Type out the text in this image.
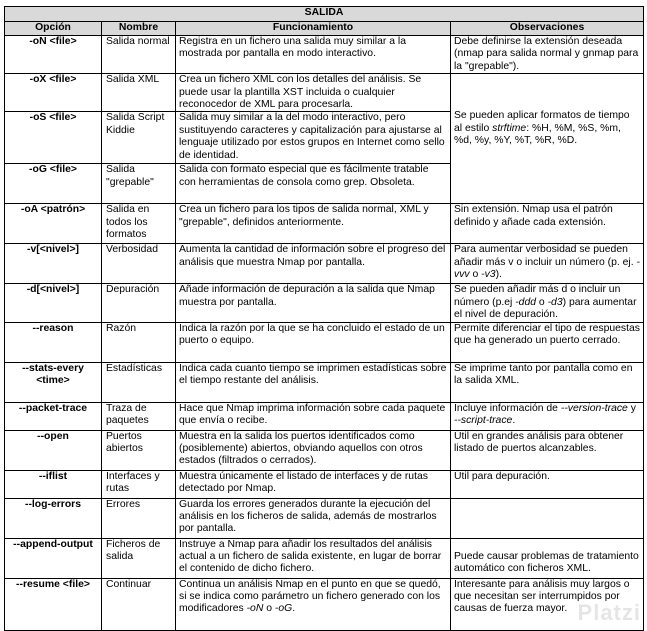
SALIDA			
Opción	Nombre	Funcionamiento	Observaciones
-oN <file>	Salida normal	Registra en un fichero una salida muy similar a la mostrada por pantalla en modo interactivo.	Debe definirse la extensión deseada (nmap para salida normal y gnmap para la "grepable").
-oX <file>	Salida XML	Crea un fichero XML con los detalles del análisis. Se puede usar la plantilla XST incluida o cualquier reconocedor de XML para procesarla.	Se pueden aplicar formatos de tiempo al estilo strftime: %H, %M, %S, %m, %d, %y, %Y, %T, %R, %D.
-oS <file>	Salida Script Kiddie	Salida muy similar a la del modo interactivo, pero sustituyendo caracteres y capitalización para ajustarse al lenguaje utilizado por estos grupos en Internet como sello de identidad.	
-oG <file>	Salida "grepable"	Salida con formato especial que es fácilmente tratable con herramientas de consola como grep. Obsoleta.	
-oA <patrón>	Salida en todos los formatos	Crea un fichero para los tipos de salida normal, XML y "grepable", definidos anteriormente.	Sin extensión. Nmap usa el patrón definido y añade cada extensión.
-v[<nivel>]	Verbosidad	Aumenta la cantidad de información sobre el progreso del análisis que muestra Nmap por pantalla.	Para aumentar verbosidad se pueden añadir más v o incluir un número (p. ej. -vvv o -v3).
-d[<nivel>]	Depuración	Añade información de depuración a la salida que Nmap muestra por pantalla.	Se pueden añadir más d o incluir un número (p.ej -ddd o -d3) para aumentar el nivel de depuración.
--reason	Razón	Indica la razón por la que se ha concluido el estado de un puerto o equipo.	Permite diferenciar el tipo de respuestas que ha generado un puerto cerrado.
--stats-every <time>	Estadísticas	Indica cada cuanto tiempo se imprimen estadísticas sobre el tiempo restante del análisis.	Se imprime tanto por pantalla como en la salida XML.
--packet-trace	Traza de paquetes	Hace que Nmap imprima información sobre cada paquete que envía o recibe.	Incluye información de --version-trace y --script-trace.
--open	Puertos abiertos	Muestra en la salida los puertos identificados como (posiblemente) abiertos, obviando aquellos con otros estados (filtrados o cerrados).	Útil en grandes análisis para obtener listado de puertos alcanzables.
--iflist	Interfaces y rutas	Muestra únicamente el listado de interfaces y de rutas detectado por Nmap.	Útil para depuración.
--log-errors	Errores	Guarda los errores generados durante la ejecución del análisis en los ficheros de salida, además de mostrarlos por pantalla.	
--append-output	Ficheros de salida	Instruye a Nmap para añadir los resultados del análisis actual a un fichero de salida existente, en lugar de borrar el contenido de dicho fichero.	Puede causar problemas de tratamiento automático con ficheros XML.
--resume <file>	Continuar	Continua un análisis Nmap en el punto en que se quedó, si se indica como parámetro un fichero generado con los modificadores -oN o -oG.	Interesante para análisis muy largos o que necesitan ser interrumpidos por causas de fuerza mayor. Platzi
